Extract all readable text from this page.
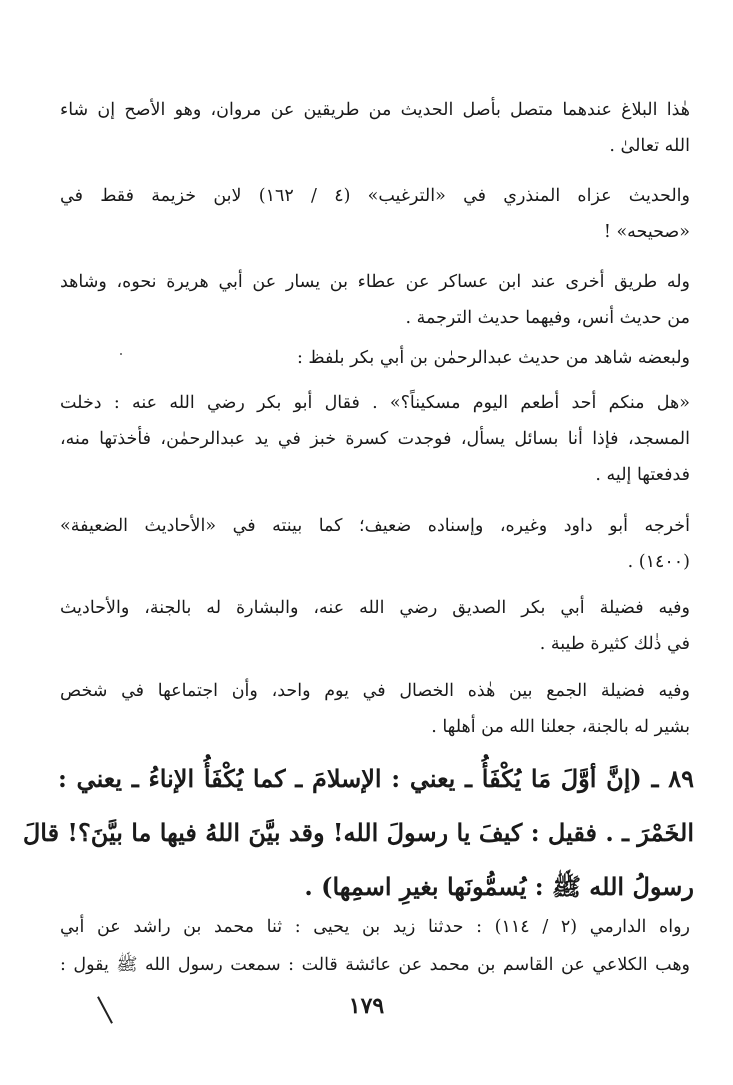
هٰذا البلاغ عندهما متصل بأصل الحديث من طريقين عن مروان، وهو الأصح إن شاء
الله تعالىٰ .
والحديث عزاه المنذري في «الترغيب» (٤ / ١٦٢) لابن خزيمة فقط في
«صحيحه» !
وله طريق أخرى عند ابن عساكر عن عطاء بن يسار عن أبي هريرة نحوه، وشاهد
من حديث أنس، وفيهما حديث الترجمة .
ولبعضه شاهد من حديث عبدالرحمٰن بن أبي بكر بلفظ :
«هل منكم أحد أطعم اليوم مسكيناً؟» . فقال أبو بكر رضي الله عنه : دخلت
المسجد، فإذا أنا بسائل يسأل، فوجدت كسرة خبز في يد عبدالرحمٰن، فأخذتها منه،
فدفعتها إليه .
أخرجه أبو داود وغيره، وإسناده ضعيف؛ كما بينته في «الأحاديث الضعيفة»
(١٤٠٠) .
وفيه فضيلة أبي بكر الصديق رضي الله عنه، والبشارة له بالجنة، والأحاديث
في ذٰلك كثيرة طيبة .
وفيه فضيلة الجمع بين هٰذه الخصال في يوم واحد، وأن اجتماعها في شخص
بشير له بالجنة، جعلنا الله من أهلها .
٨٩ ـ (إنَّ أوَّلَ مَا يُكْفَأُ ـ يعني : الإسلامَ ـ كما يُكْفَأُ الإناءُ ـ يعني :
الخَمْرَ ـ . فقيل : كيفَ يا رسولَ الله! وقد بيَّنَ اللهُ فيها ما بيَّنَ؟! قالَ
رسولُ الله ﷺ : يُسمُّونَها بغيرِ اسمِها) .
رواه الدارمي (٢ / ١١٤) : حدثنا زيد بن يحيى : ثنا محمد بن راشد عن أبي
وهب الكلاعي عن القاسم بن محمد عن عائشة قالت : سمعت رسول الله ﷺ يقول :
١٧٩
